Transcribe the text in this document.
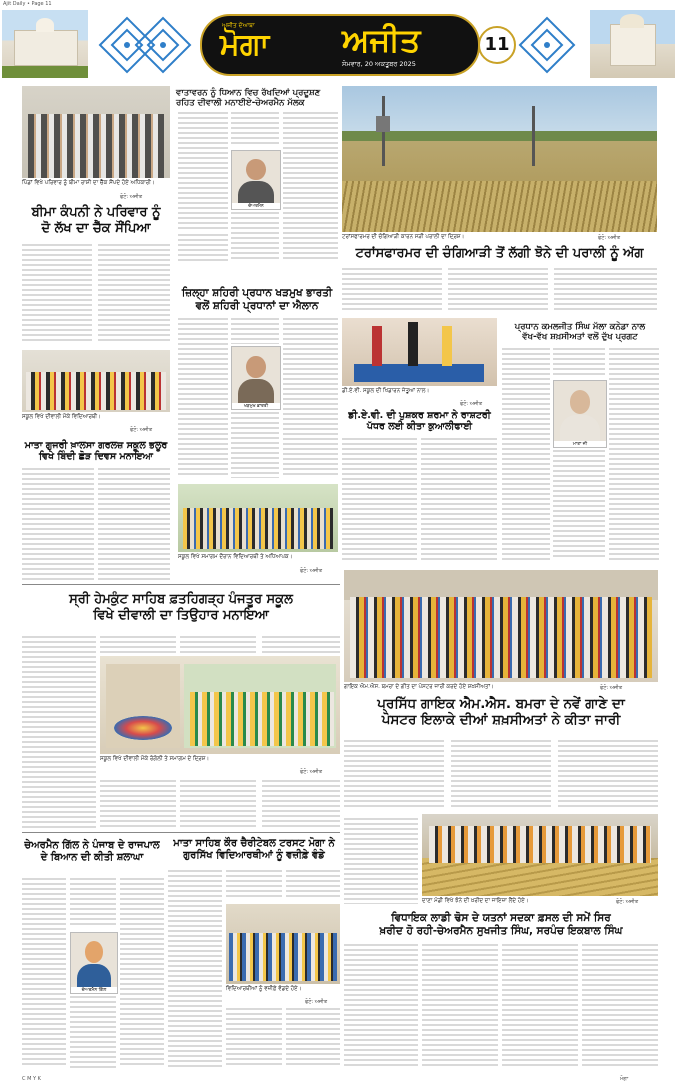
Ajit Daily • Page 11
ਅਜੀਤ ਦੋਆਬਾ
ਮੋਗਾ ਅਜੀਤ
ਸੋਮਵਾਰ, 20 ਅਕਤੂਬਰ 2025
11
ਪਿੰਡਾਂ ਵਿਖੇ ਪਰਿਵਾਰ ਨੂੰ ਬੀਮਾ ਰਾਸ਼ੀ ਦਾ ਚੈੱਕ ਸੌਂਪਦੇ ਹੋਏ ਅਧਿਕਾਰੀ।
ਫੋਟੋ: ਅਜੀਤ
ਬੀਮਾ ਕੰਪਨੀ ਨੇ ਪਰਿਵਾਰ ਨੂੰ
ਦੋ ਲੱਖ ਦਾ ਚੈੱਕ ਸੌਂਪਿਆ
ਵਾਤਾਵਰਨ ਨੂੰ ਧਿਆਨ ਵਿਚ ਰੱਖਦਿਆਂ ਪ੍ਰਦੂਸ਼ਣ
ਰਹਿਤ ਦੀਵਾਲੀ ਮਨਾਈਏ-ਚੇਅਰਮੈਨ ਮੱਲਕ
ਚੇਅਰਮੈਨ
ਟਰਾਂਸਫਾਰਮਰ ਦੀ ਚੰਗਿਆੜੀ ਕਾਰਨ ਸੜੀ ਪਰਾਲੀ ਦਾ ਦ੍ਰਿਸ਼।	ਫੋਟੋ: ਅਜੀਤ
ਟਰਾਂਸਫਾਰਮਰ ਦੀ ਚੰਗਿਆੜੀ ਤੋਂ ਲੱਗੀ ਝੋਨੇ ਦੀ ਪਰਾਲੀ ਨੂੰ ਅੱਗ
ਸਕੂਲ ਵਿਖੇ ਦੀਵਾਲੀ ਮੌਕੇ ਵਿਦਿਆਰਥੀ।
ਫੋਟੋ: ਅਜੀਤ
ਮਾਤਾ ਗੁਜਰੀ ਖ਼ਾਲਸਾ ਗਰਲਜ਼ ਸਕੂਲ ਭਲੂਰ
ਵਿਖੇ ਬਿੰਦੀ ਛੋੜ ਦਿਵਸ ਮਨਾਇਆ
ਜ਼ਿਲ੍ਹਾ ਸ਼ਹਿਰੀ ਪ੍ਰਧਾਨ ਖੜਮੁਖ ਭਾਰਤੀ
ਵਲੋਂ ਸ਼ਹਿਰੀ ਪ੍ਰਧਾਨਾਂ ਦਾ ਐਲਾਨ
ਖੜਮੁਖ ਭਾਰਤੀ
ਸਕੂਲ ਵਿਖੇ ਸਮਾਗਮ ਦੌਰਾਨ ਵਿਦਿਆਰਥੀ ਤੇ ਅਧਿਆਪਕ।
ਫੋਟੋ: ਅਜੀਤ
ਡੀ.ਏ.ਵੀ. ਸਕੂਲ ਦੀ ਖਿਡਾਰਨ ਜੇਤੂਆਂ ਨਾਲ।
ਫੋਟੋ: ਅਜੀਤ
ਡੀ.ਏ.ਵੀ. ਦੀ ਪੁਸ਼ਕਰ ਸ਼ਰਮਾ ਨੇ ਰਾਸ਼ਟਰੀ
ਪੱਧਰ ਲਈ ਕੀਤਾ ਕੁਆਲੀਫਾਈ
ਪ੍ਰਧਾਨ ਕਮਲਜੀਤ ਸਿੰਘ ਮੱਲਾ ਕਨੇਡਾ ਨਾਲ
ਵੱਖ-ਵੱਖ ਸ਼ਖ਼ਸੀਅਤਾਂ ਵਲੋਂ ਦੁੱਖ ਪ੍ਰਗਟ
ਮਾਤਾ ਜੀ
ਸ੍ਰੀ ਹੇਮਕੁੰਟ ਸਾਹਿਬ ਫ਼ਤਹਿਗੜ੍ਹ ਪੰਜਤੂਰ ਸਕੂਲ
ਵਿਖੇ ਦੀਵਾਲੀ ਦਾ ਤਿਉਹਾਰ ਮਨਾਇਆ
ਸਕੂਲ ਵਿਖੇ ਦੀਵਾਲੀ ਮੌਕੇ ਰੰਗੋਲੀ ਤੇ ਸਮਾਗਮ ਦੇ ਦ੍ਰਿਸ਼।
ਫੋਟੋ: ਅਜੀਤ
ਗਾਇਕ ਐਮ.ਐਸ. ਬਮਰਾ ਦੇ ਗੀਤ ਦਾ ਪੋਸਟਰ ਜਾਰੀ ਕਰਦੇ ਹੋਏ ਸ਼ਖ਼ਸੀਅਤਾਂ।	ਫੋਟੋ: ਅਜੀਤ
ਪ੍ਰਸਿੱਧ ਗਾਇਕ ਐਮ.ਐਸ. ਬਮਰਾ ਦੇ ਨਵੇਂ ਗਾਣੇ ਦਾ
ਪੋਸਟਰ ਇਲਾਕੇ ਦੀਆਂ ਸ਼ਖ਼ਸੀਅਤਾਂ ਨੇ ਕੀਤਾ ਜਾਰੀ
ਚੇਅਰਮੈਨ ਗਿੱਲ ਨੇ ਪੰਜਾਬ ਦੇ ਰਾਜਪਾਲ
ਦੇ ਬਿਆਨ ਦੀ ਕੀਤੀ ਸ਼ਲਾਘਾ
ਚੇਅਰਮੈਨ ਗਿੱਲ
ਮਾਤਾ ਸਾਹਿਬ ਕੌਰ ਚੈਰੀਟੇਬਲ ਟਰਸਟ ਮੋਗਾ ਨੇ
ਗੁਰਸਿੱਖ ਵਿਦਿਆਰਥੀਆਂ ਨੂੰ ਵਜ਼ੀਫ਼ੇ ਵੰਡੇ
ਵਿਦਿਆਰਥੀਆਂ ਨੂੰ ਵਜ਼ੀਫ਼ੇ ਵੰਡਦੇ ਹੋਏ।
ਫੋਟੋ: ਅਜੀਤ
ਦਾਣਾ ਮੰਡੀ ਵਿਖੇ ਝੋਨੇ ਦੀ ਖ਼ਰੀਦ ਦਾ ਜਾਇਜ਼ਾ ਲੈਂਦੇ ਹੋਏ।	ਫੋਟੋ: ਅਜੀਤ
ਵਿਧਾਇਕ ਲਾਡੀ ਢੋਸ ਦੇ ਯਤਨਾਂ ਸਦਕਾ ਫ਼ਸਲ ਦੀ ਸਮੇਂ ਸਿਰ
ਖ਼ਰੀਦ ਹੋ ਰਹੀ-ਚੇਅਰਮੈਨ ਸੁਖਜੀਤ ਸਿੰਘ, ਸਰਪੰਚ ਇਕਬਾਲ ਸਿੰਘ
C M Y K	ਮੋਗਾ
